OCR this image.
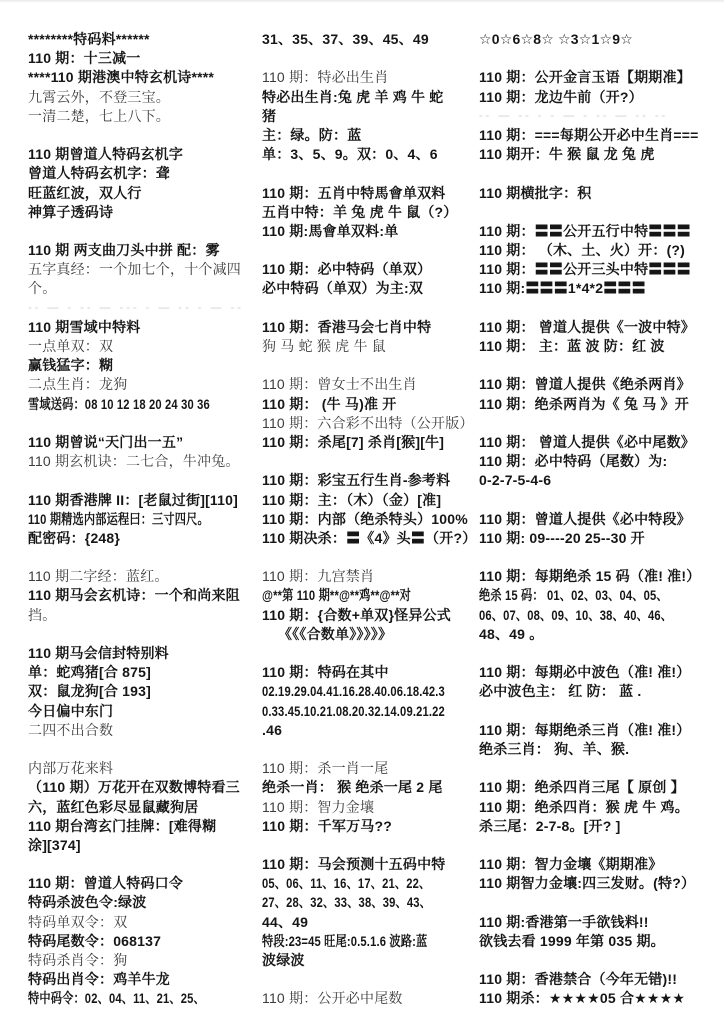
********特码料******
110 期：十三减一
****110 期港澳中特玄机诗****
九霄云外，不登三宝。
一清二楚，七上八下。
110 期曾道人特码玄机字
曾道人特码玄机字：聋
旺蓝红波，双人行
神算子透码诗
110 期 两支曲刀头中拼 配：雾
五字真经：一个加七个，十个减四
个。
-- — - -- — --- - — -- - — --
110 期雪域中特料
一点单双：双
赢钱猛字：糊
二点生肖：龙狗
雪域送码：08 10 12 18 20 24 30 36
110 期曾说“天门出一五”
110 期玄机诀：二七合，牛冲兔。
110 期香港牌 II：[老鼠过街][110]
110 期精选内部运程曰：三寸四尺。
配密码：{248}
110 期二字经：蓝红。
110 期马会玄机诗：一个和尚来阻
挡。
110 期马会信封特别料
单：蛇鸡猪[合 875]
双：鼠龙狗[合 193]
今日偏中东门
二四不出合数
内部万花来料
（110 期）万花开在双数博特看三
六，蓝红色彩尽显鼠藏狗居
110 期台湾玄门挂牌：[难得糊
涂][374]
110 期：曾道人特码口令
特码杀波色令:绿波
特码单双令：双
特码尾数令：068137
特码杀肖令：狗
特码出肖令：鸡羊牛龙
特中码令：02、04、11、21、25、
31、35、37、39、45、49
110 期：特必出生肖
特必出生肖:兔 虎 羊 鸡 牛 蛇
猪
主：绿。防：蓝
单：3、5、9。双：0、4、6
110 期：五肖中特馬會单双料
五肖中特：羊 兔 虎 牛 鼠（?）
110 期:馬會单双料:单
110 期：必中特码（单双）
必中特码（单双）为主:双
110 期：香港马会七肖中特
狗 马 蛇 猴 虎 牛 鼠
110 期：曾女士不出生肖
110 期： (牛 马)准 开
110 期：六合彩不出特（公开版）
110 期：杀尾[7] 杀肖[猴][牛]
110 期：彩宝五行生肖-参考料
110 期：主：（木）（金）[准]
110 期：内部（绝杀特头）100%
110 期决杀：〓《4》头〓（开?）
110 期：九宫禁肖
@**第 110 期**@**鸡**@**对
110 期：{合数+单双}怪异公式
《《《合数单》》》》》
110 期：特码在其中
02.19.29.04.41.16.28.40.06.18.42.3
0.33.45.10.21.08.20.32.14.09.21.22
.46
110 期：杀一肖一尾
绝杀一肖： 猴 绝杀一尾 2 尾
110 期：智力金壤
110 期：千军万马??
110 期：马会预测十五码中特
05、06、11、16、17、21、22、
27、28、32、33、38、39、43、
44、49
特段:23=45 旺尾:0.5.1.6 波路:蓝
波绿波
110 期：公开必中尾数
☆0☆6☆8☆ ☆3☆1☆9☆
110 期：公开金言玉语【期期准】
110 期：龙边牛前（开?）
-- — -- - - — - -- — -- --
110 期：===每期公开必中生肖===
110 期开：牛 猴 鼠 龙 兔 虎
110 期横批字：积
110 期：〓〓公开五行中特〓〓〓
110 期： （木、土、火）开：(?)
110 期：〓〓公开三头中特〓〓〓
110 期:〓〓〓1*4*2〓〓〓
110 期： 曾道人提供《一波中特》
110 期： 主：蓝 波 防：红 波
110 期：曾道人提供《绝杀两肖》
110 期：绝杀两肖为《 兔 马 》开
110 期： 曾道人提供《必中尾数》
110 期：必中特码（尾数）为:
0-2-7-5-4-6
110 期：曾道人提供《必中特段》
110 期: 09----20 25--30 开
110 期：每期绝杀 15 码（准! 准!）
绝杀 15 码： 01、02、03、04、05、
06、07、08、09、10、38、40、46、
48、49 。
110 期：每期必中波色（准! 准!）
必中波色主： 红 防： 蓝 .
110 期：每期绝杀三肖（准! 准!）
绝杀三肖： 狗、羊、猴.
110 期：绝杀四肖三尾【 原创 】
110 期：绝杀四肖：猴 虎 牛 鸡。
杀三尾：2-7-8。[开? ]
110 期：智力金壤《期期准》
110 期智力金壤:四三发财。(特?）
110 期:香港第一手欲钱料!!
欲钱去看 1999 年第 035 期。
110 期：香港禁合（今年无错)!!
110 期杀：★★★★05 合★★★★
